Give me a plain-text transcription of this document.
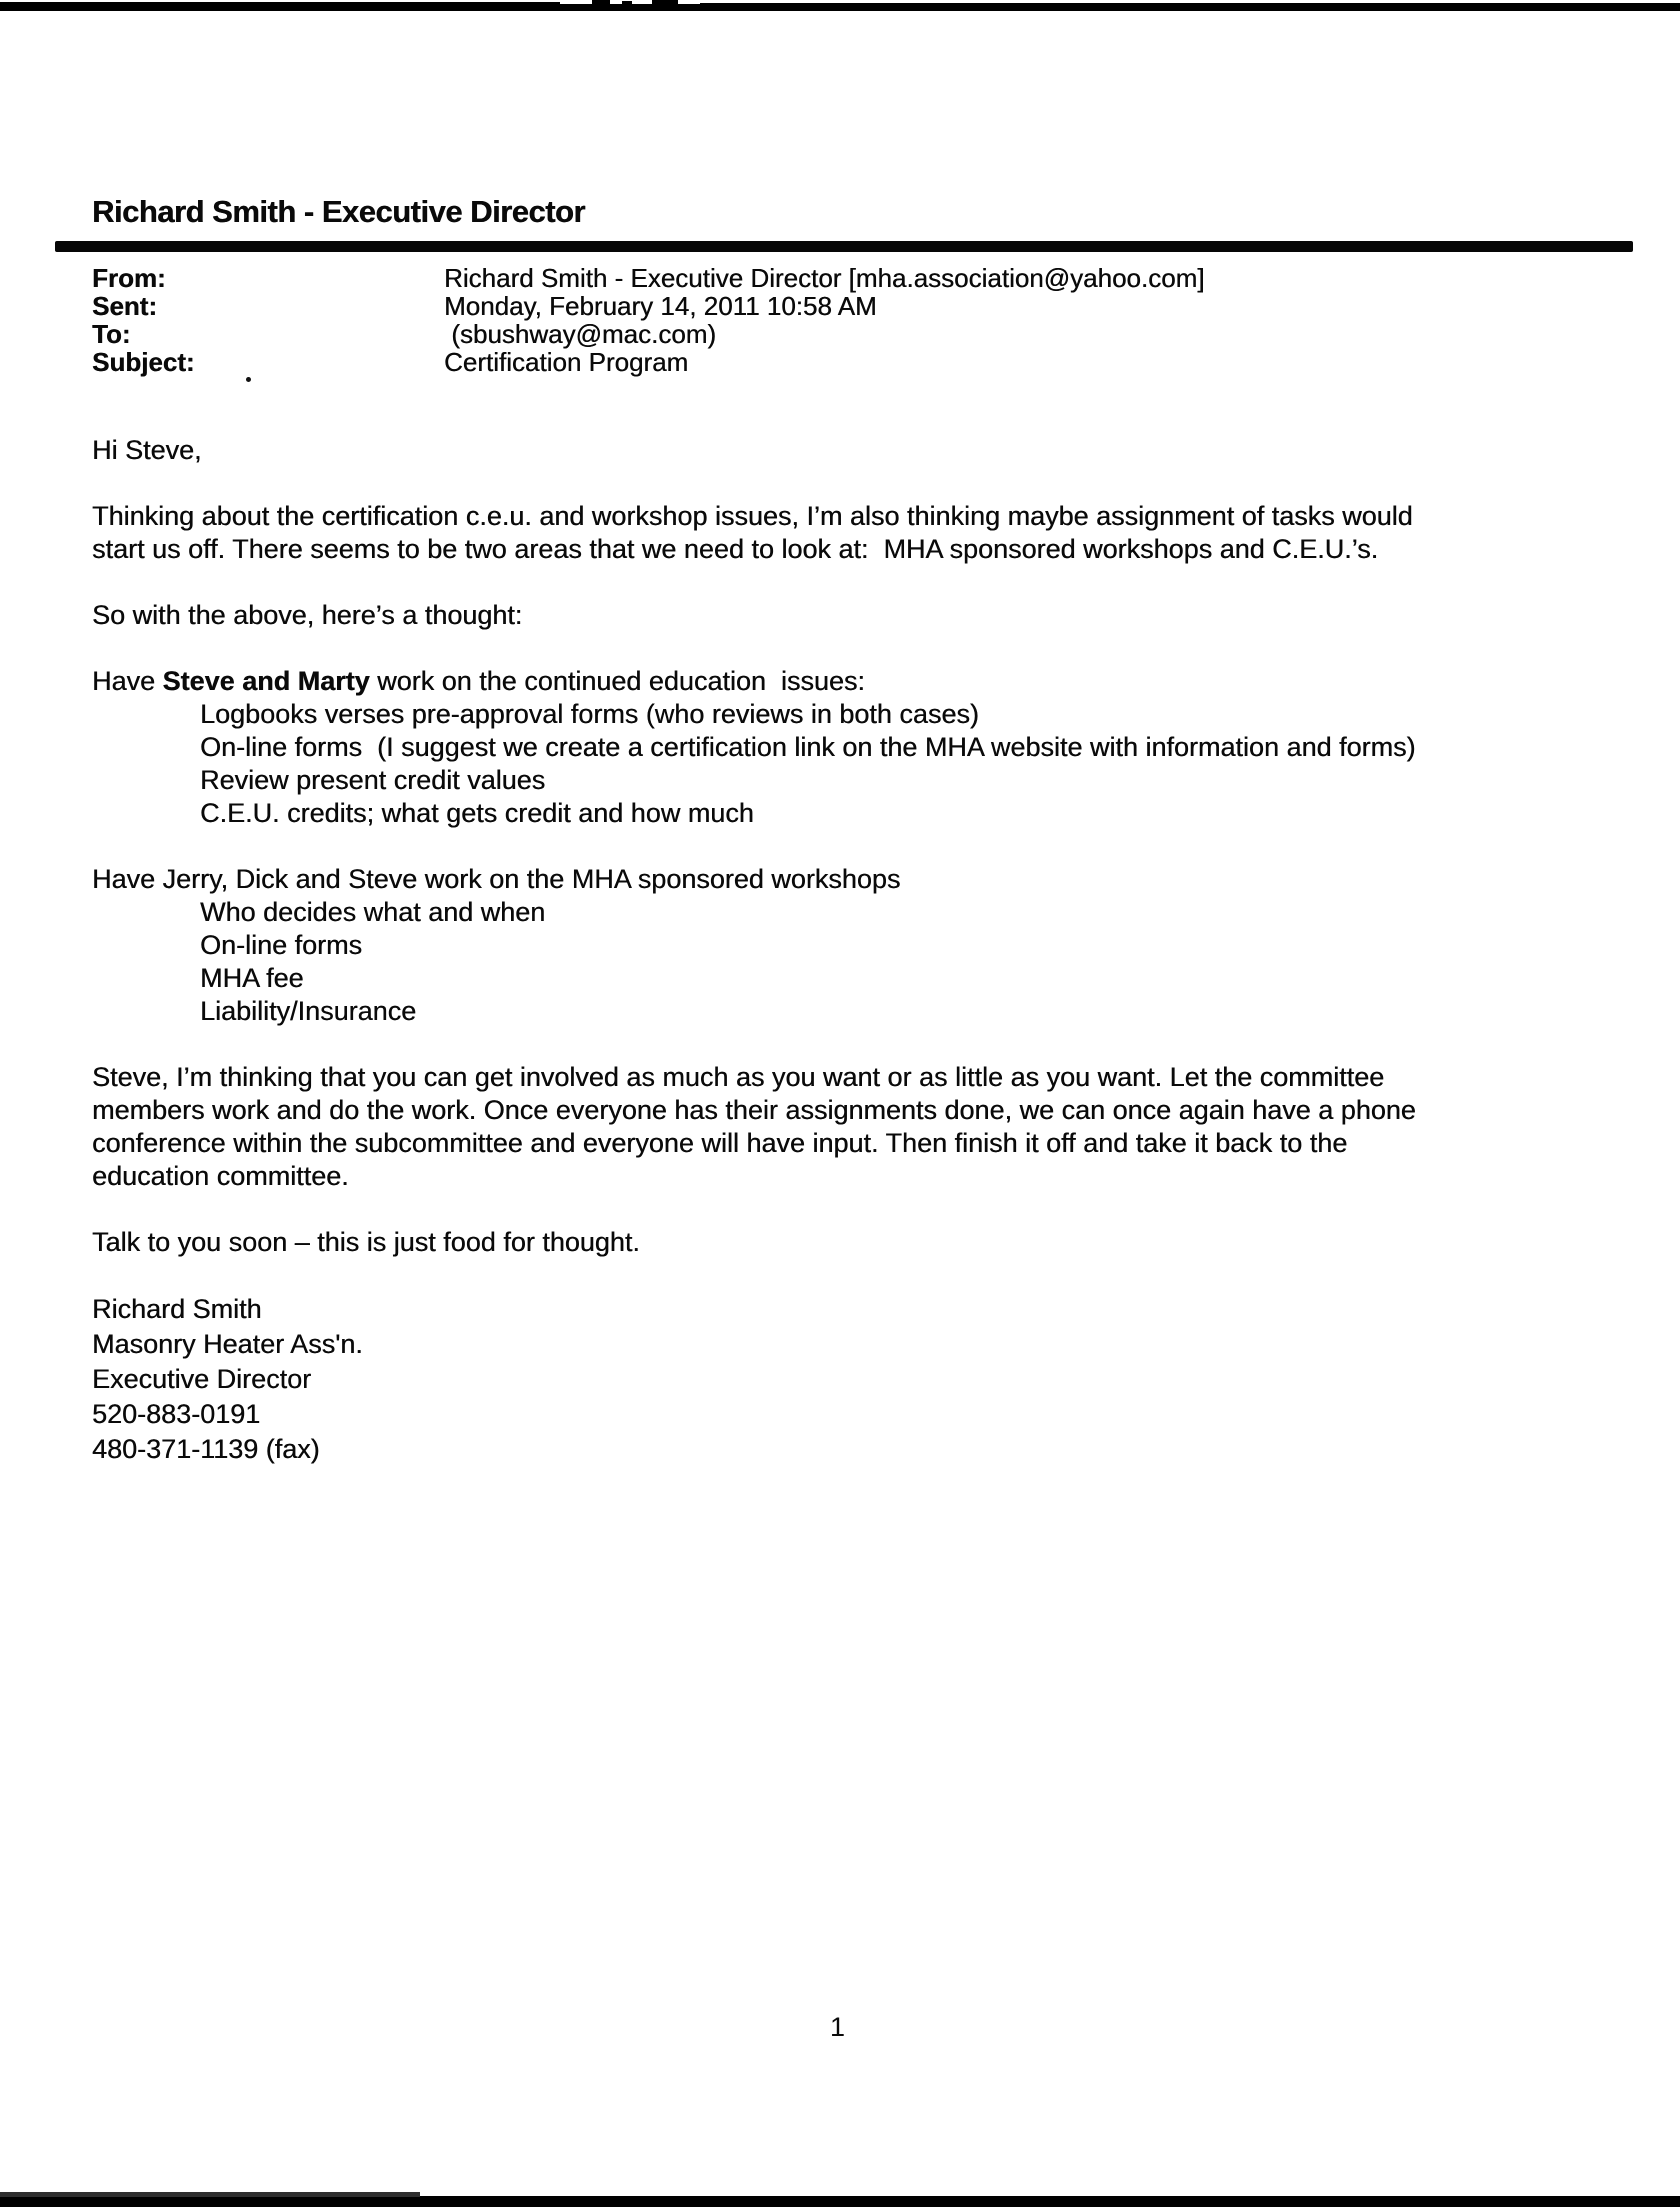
Richard Smith - Executive Director
From:	Richard Smith - Executive Director [mha.association@yahoo.com]
Sent:	Monday, February 14, 2011 10:58 AM
To:	(sbushway@mac.com)
Subject:	Certification Program
Hi Steve,
Thinking about the certification c.e.u. and workshop issues, I’m also thinking maybe assignment of tasks would
start us off. There seems to be two areas that we need to look at:  MHA sponsored workshops and C.E.U.’s.
So with the above, here’s a thought:
Have Steve and Marty work on the continued education  issues:
Logbooks verses pre-approval forms (who reviews in both cases)
On-line forms  (I suggest we create a certification link on the MHA website with information and forms)
Review present credit values
C.E.U. credits; what gets credit and how much
Have Jerry, Dick and Steve work on the MHA sponsored workshops
Who decides what and when
On-line forms
MHA fee
Liability/Insurance
Steve, I’m thinking that you can get involved as much as you want or as little as you want. Let the committee
members work and do the work. Once everyone has their assignments done, we can once again have a phone
conference within the subcommittee and everyone will have input. Then finish it off and take it back to the
education committee.
Talk to you soon – this is just food for thought.
Richard Smith
Masonry Heater Ass'n.
Executive Director
520-883-0191
480-371-1139 (fax)
1
